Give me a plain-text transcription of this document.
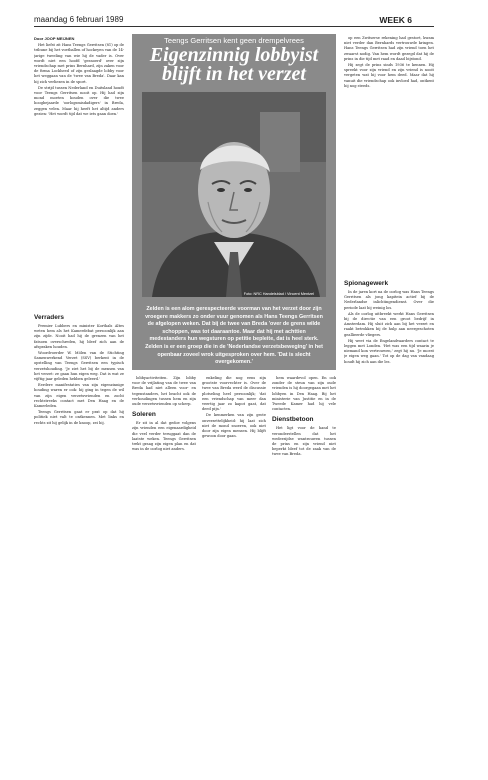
maandag 6 februari 1989	WEEK 6
Door JOOP MEIJNEN

Het liefst zit Hans Teengs Gerritsen (81) op de tribune bij het voetballen of hockeyen van de 14-jarige tweeling van wie hij de vader is. Over wordt niet een hoofd 'gesnoerd' over zijn vriendschap met prins Bernhard, zijn zaken voor de firma Lockheed of zijn geslaagde lobby voor het weggaan van de 'twee van Breda'. Daar kan hij zich verliezen in de sport.

De strijd tussen Nederland en Duitsland houdt voor Teengs Gerritsen nooit op. Hij had zijn mond moeten houden over die twee hoogbejaarde 'oorlogsmisdadigers' in Breda, zeggen velen. Maar hij heeft het altijd anders gezien: 'Het wordt tijd dat we iets gaan doen.'

Verraders

Premier Lubbers en minister Korthals Altes weten hem als het Kamerdebat persoonlijk aan zijn zijde. Nooit had hij de grenzen van het fatsoen overschreden, hij bleef zich aan de afspraken houden.

Woordvoerder W. Mölen van de Stichting Samenwerkend Verzet (SSV) berkent in de opstelling van Teengs Gerritsen een typisch verzetshouding. 'Je ziet het bij de mensen van het verzet: ze gaan hun eigen weg. Dat is wat ze vijftig jaar geleden hebben geleerd.'

Eerdere manifestaties van zijn eigenzinnige houding waren er ook: hij ging in tegen de wil van zijn eigen verzetsvrienden en zocht rechtstreeks contact met Den Haag en de Kamerleden.

Teengs Gerritsen gaat er prat op dat hij politiek niet valt te ontkennen. Met links en rechts zit hij gelijk in de knoop, zei hij.

Teengs Gerritsen kent geen drempelvrees
Eigenzinnig lobbyist blijft in het verzet
Foto: NRC Handelsblad / Vincent Mentzel
Zelden is een alom gerespecteerde voorman van het verzet door zijn vroegere makkers zo onder vuur genomen als Hans Teengs Gerritsen de afgelopen weken. Dat bij de twee van Breda 'over de grens wilde schoppen, was tot daaraantoe. Maar dat hij met achttien medestanders hun wegsturen op petitie bepleite, dat is heel sterk. Zelden is er een groep die in de 'Nederlandse verzetsbeweging' in het openbaar zoveel wrok uitgesproken over hem. 'Dat is slecht overgekomen.'

lobbyactiviteiten. Zijn lobby voor de vrijlating van de twee van Breda had niet alleen voor- en tegenstanders, het bracht ook de verhoudingen tussen hem en zijn oude verzetsvrienden op scherp.

Soleren

Er zit in al dat gedoe volgens zijn vrienden een eigenaardigheid die veel verder teruggaat dan de laatste weken. Teengs Gerritsen trekt graag zijn eigen plan en dat was in de oorlog niet anders.

enkeling die nog eens zijn grootste voorvechter is. Over de twee van Breda werd de discussie plotseling heel persoonlijk; 'dat een vriendschap van meer dan veertig jaar zo kapot gaat, dat deed pijn.'

De kenmerken van zijn grote onverzettelijkheid: hij laat zich niet de mond snoeren, ook niet door zijn eigen mensen. Hij blijft gewoon door gaan.

hem waardevol open. En ook zonder de steun van zijn oude vrienden is hij doorgegaan met het lobbyen in Den Haag. Bij het ministerie van Justitie en in de Tweede Kamer had hij vele contacten.

Dienstbetoon

Het ligt voor de hand te veronderstellen dat het wederzijdse wantrouwen tussen de prins en zijn vriend niet beperkt bleef tot de zaak van de twee van Breda.

op een Zwitserse rekening had gestort, kwam niet verder dan Bernhards vertrouwde kringen. Hans Teengs Gerritsen had zijn vriend toen het zwaarst nodig. Van hem wordt gezegd dat hij de prins in die tijd met raad en daad bijstond.

Hij zegt de prins sinds 1936 te kennen. Hij spreekt voor zijn vriend en zijn vriend is nooit vergeten wat hij voor hem deed. Maar dat hij vanuit die vriendschap ook invloed had, ontkent hij nog steeds.

Spionagewerk

In de jaren kort na de oorlog was Hans Teengs Gerritsen als jong kapitein actief bij de Nederlandse inlichtingendienst. Over die periode laat hij weinig los.

Als de oorlog uitbreekt werkt Hans Gerritsen bij de directie van een groot bedrijf in Amsterdam. Hij sluit zich aan bij het verzet en raakt betrokken bij de hulp aan neergeschoten geallieerde vliegers.

Hij weet via de Engelandvaarders contact te leggen met Londen. 'Het was een tijd waarin je niemand kon vertrouwen,' zegt hij nu. 'Je moest je eigen weg gaan.' Tot op de dag van vandaag houdt hij zich aan die les.
